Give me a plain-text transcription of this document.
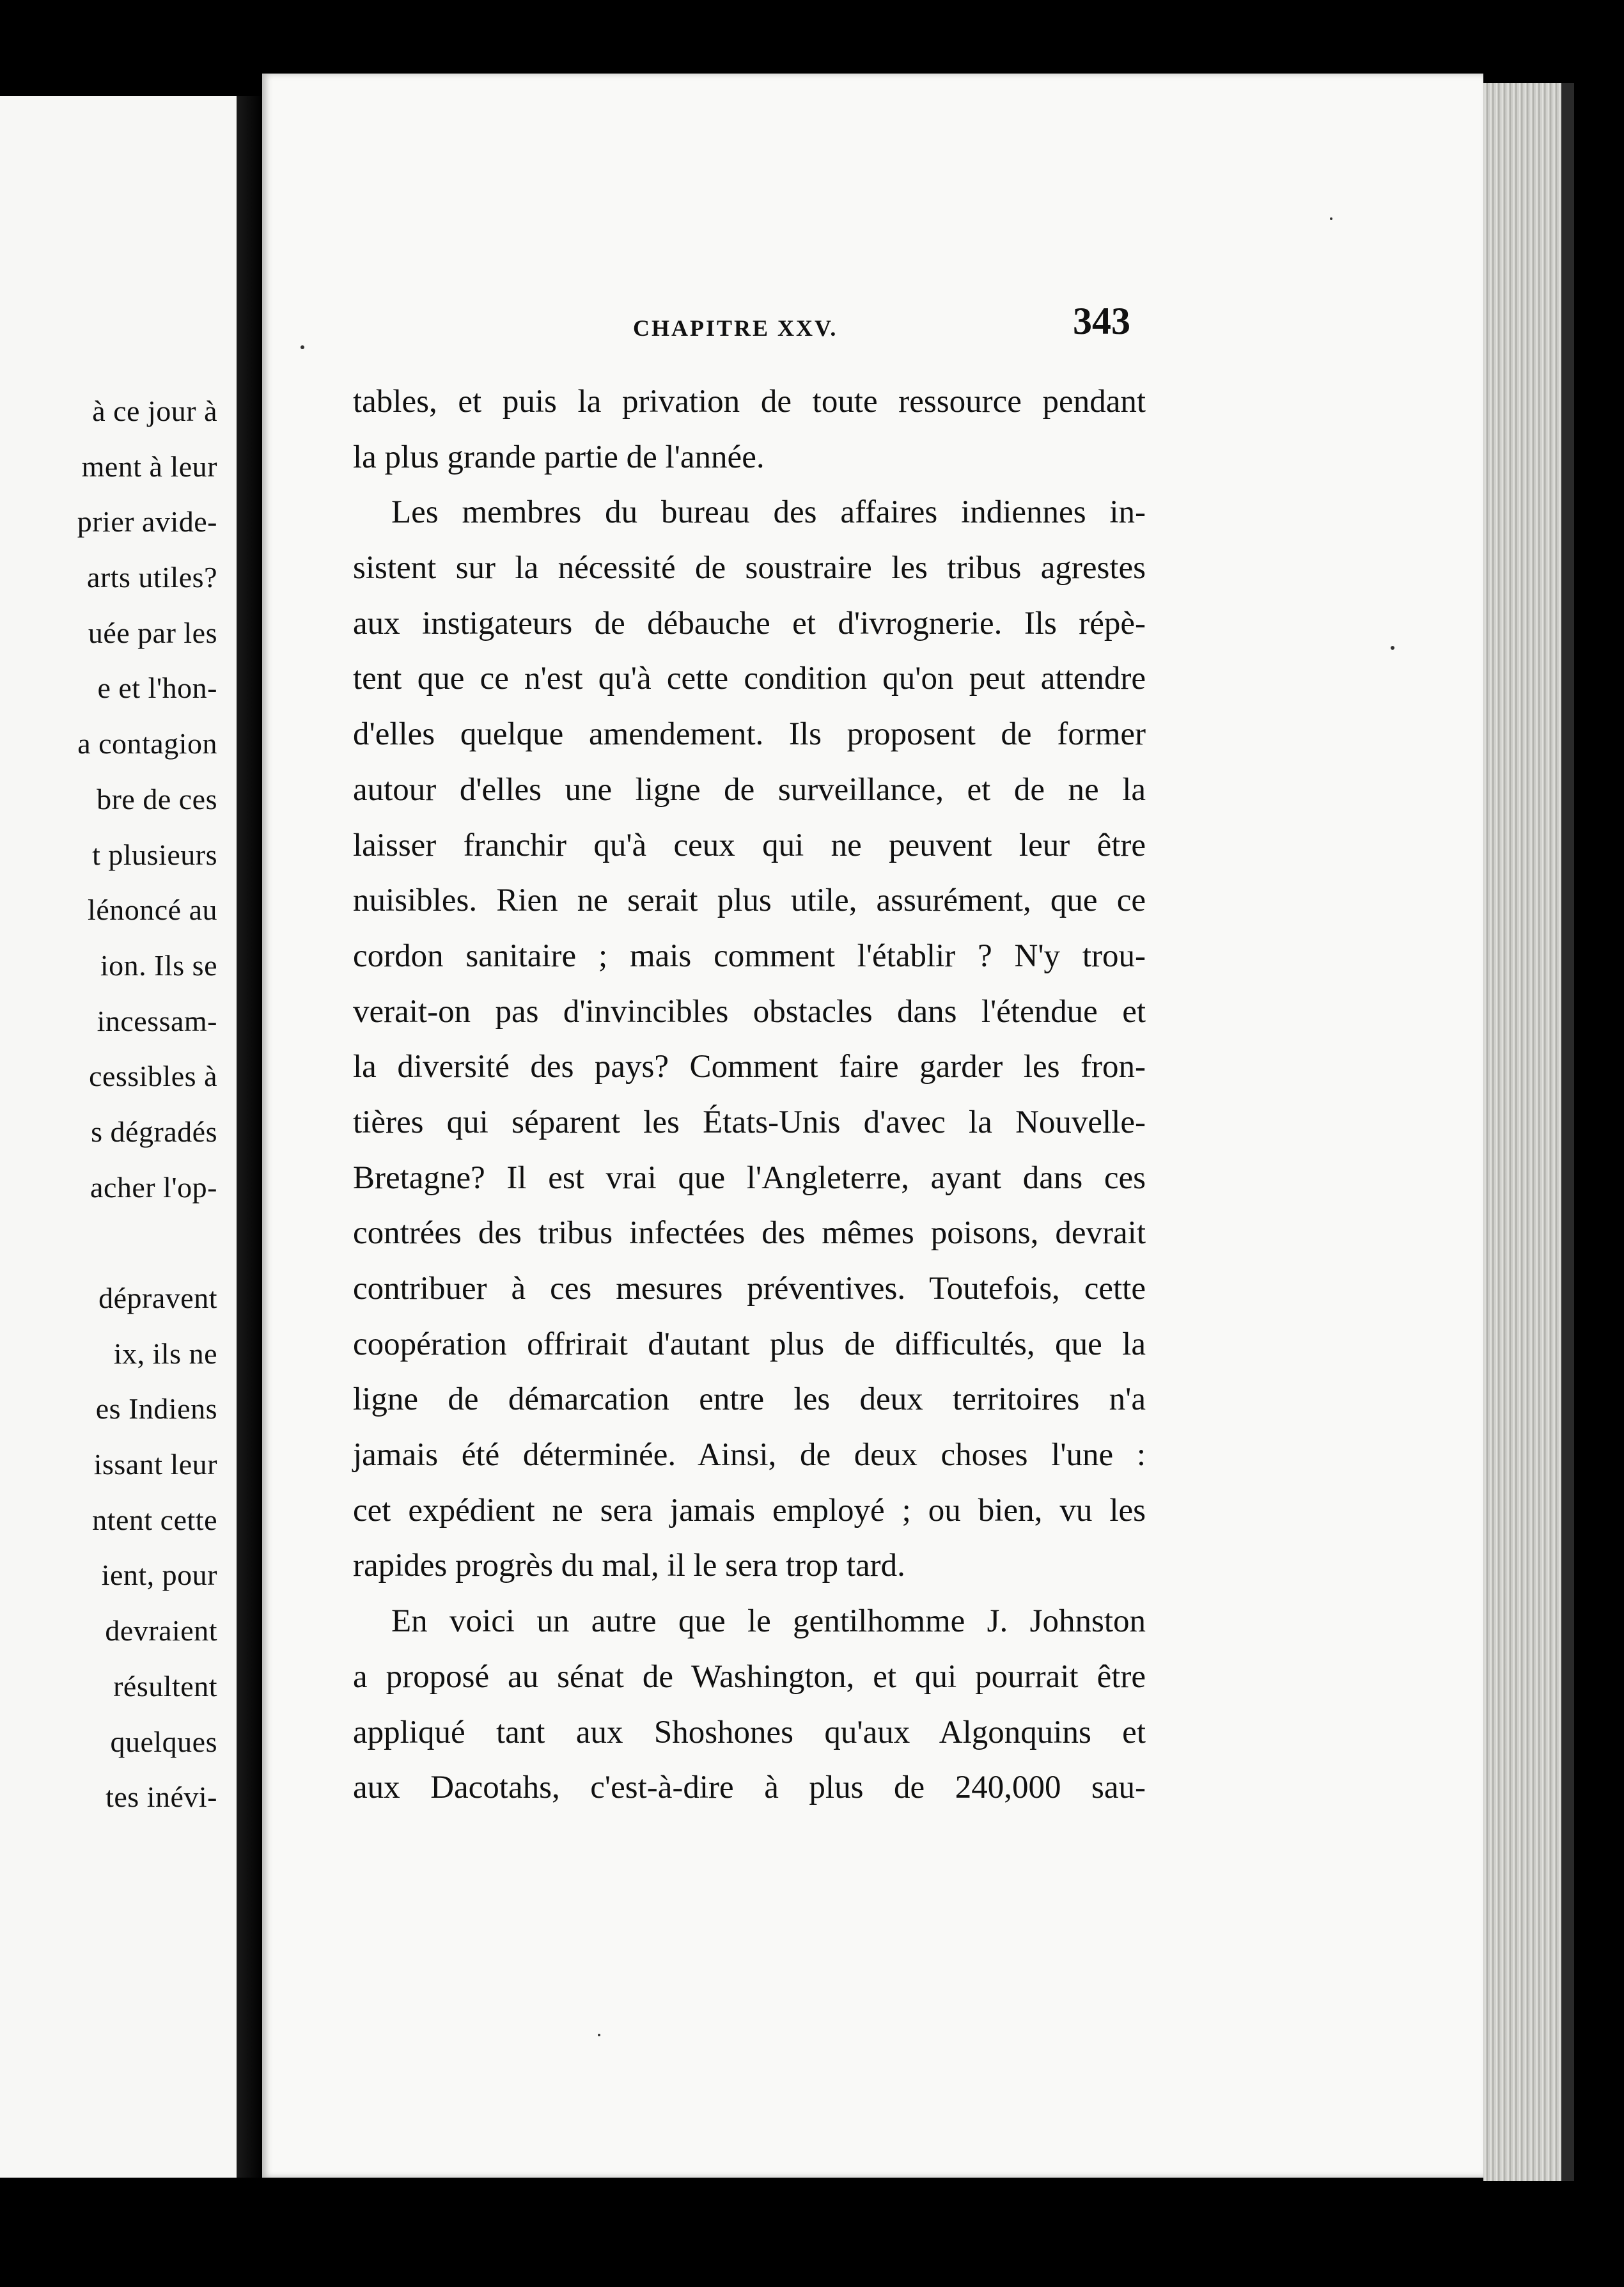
à ce jour à
ment à leur
prier avide-
arts utiles?
uée par les
e et l'hon-
a contagion
bre de ces
t plusieurs
lénoncé au
ion. Ils se
incessam-
cessibles à
s dégradés
acher l'op-
dépravent
ix, ils ne
es Indiens
issant leur
ntent cette
ient, pour
devraient
résultent
quelques
tes inévi-
CHAPITRE XXV.	343
tables, et puis la privation de toute ressource pendant
la plus grande partie de l'année.
Les membres du bureau des affaires indiennes in-
sistent sur la nécessité de soustraire les tribus agrestes
aux instigateurs de débauche et d'ivrognerie. Ils répè-
tent que ce n'est qu'à cette condition qu'on peut attendre
d'elles quelque amendement. Ils proposent de former
autour d'elles une ligne de surveillance, et de ne la
laisser franchir qu'à ceux qui ne peuvent leur être
nuisibles. Rien ne serait plus utile, assurément, que ce
cordon sanitaire ; mais comment l'établir ? N'y trou-
verait-on pas d'invincibles obstacles dans l'étendue et
la diversité des pays? Comment faire garder les fron-
tières qui séparent les États-Unis d'avec la Nouvelle-
Bretagne? Il est vrai que l'Angleterre, ayant dans ces
contrées des tribus infectées des mêmes poisons, devrait
contribuer à ces mesures préventives. Toutefois, cette
coopération offrirait d'autant plus de difficultés, que la
ligne de démarcation entre les deux territoires n'a
jamais été déterminée. Ainsi, de deux choses l'une :
cet expédient ne sera jamais employé ; ou bien, vu les
rapides progrès du mal, il le sera trop tard.
En voici un autre que le gentilhomme J. Johnston
a proposé au sénat de Washington, et qui pourrait être
appliqué tant aux Shoshones qu'aux Algonquins et
aux Dacotahs, c'est-à-dire à plus de 240,000 sau-
